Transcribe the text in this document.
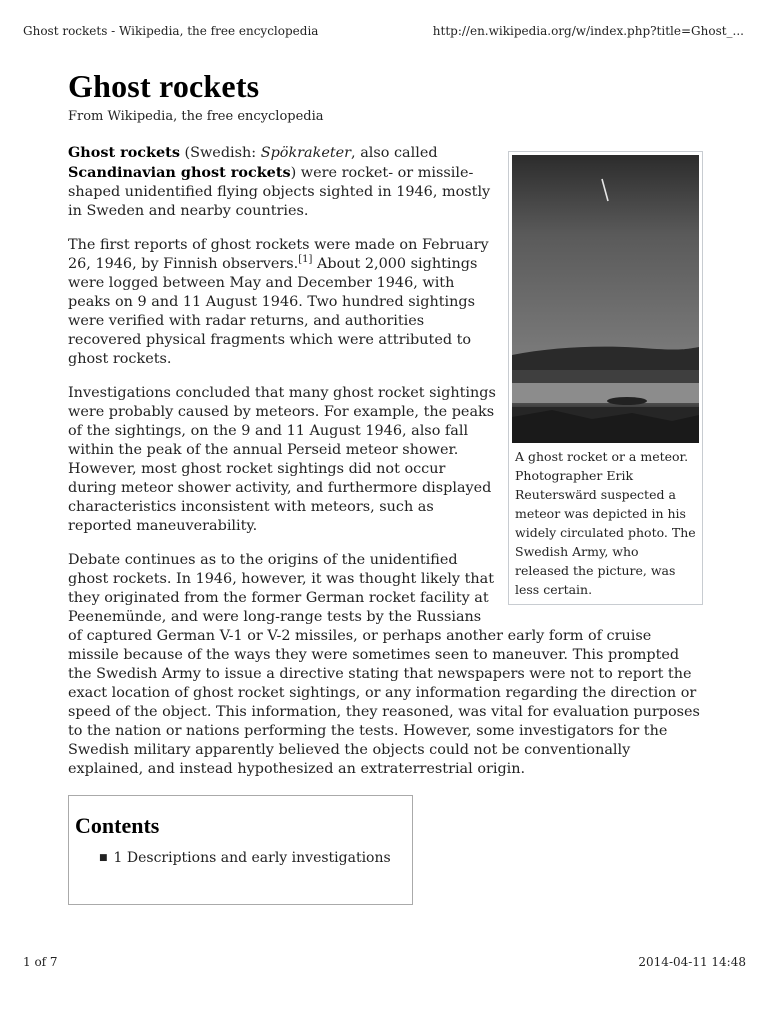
Ghost rockets - Wikipedia, the free encyclopedia	http://en.wikipedia.org/w/index.php?title=Ghost_...
Ghost rockets
From Wikipedia, the free encyclopedia
A ghost rocket or a meteor. Photographer Erik Reuterswärd suspected a meteor was depicted in his widely circulated photo. The Swedish Army, who released the picture, was less certain.

Ghost rockets (Swedish: Spökraketer, also called Scandinavian ghost rockets) were rocket- or missile-shaped unidentified flying objects sighted in 1946, mostly in Sweden and nearby countries.

The first reports of ghost rockets were made on February 26, 1946, by Finnish observers.[1] About 2,000 sightings were logged between May and December 1946, with peaks on 9 and 11 August 1946. Two hundred sightings were verified with radar returns, and authorities recovered physical fragments which were attributed to ghost rockets.

Investigations concluded that many ghost rocket sightings were probably caused by meteors. For example, the peaks of the sightings, on the 9 and 11 August 1946, also fall within the peak of the annual Perseid meteor shower. However, most ghost rocket sightings did not occur during meteor shower activity, and furthermore displayed characteristics inconsistent with meteors, such as reported maneuverability.

Debate continues as to the origins of the unidentified ghost rockets. In 1946, however, it was thought likely that they originated from the former German rocket facility at Peenemünde, and were long-range tests by the Russians of captured German V-1 or V-2 missiles, or perhaps another early form of cruise missile because of the ways they were sometimes seen to maneuver. This prompted the Swedish Army to issue a directive stating that newspapers were not to report the exact location of ghost rocket sightings, or any information regarding the direction or speed of the object. This information, they reasoned, was vital for evaluation purposes to the nation or nations performing the tests. However, some investigators for the Swedish military apparently believed the objects could not be conventionally explained, and instead hypothesized an extraterrestrial origin.

Contents
■ 1 Descriptions and early investigations
1 of 7	2014-04-11 14:48
